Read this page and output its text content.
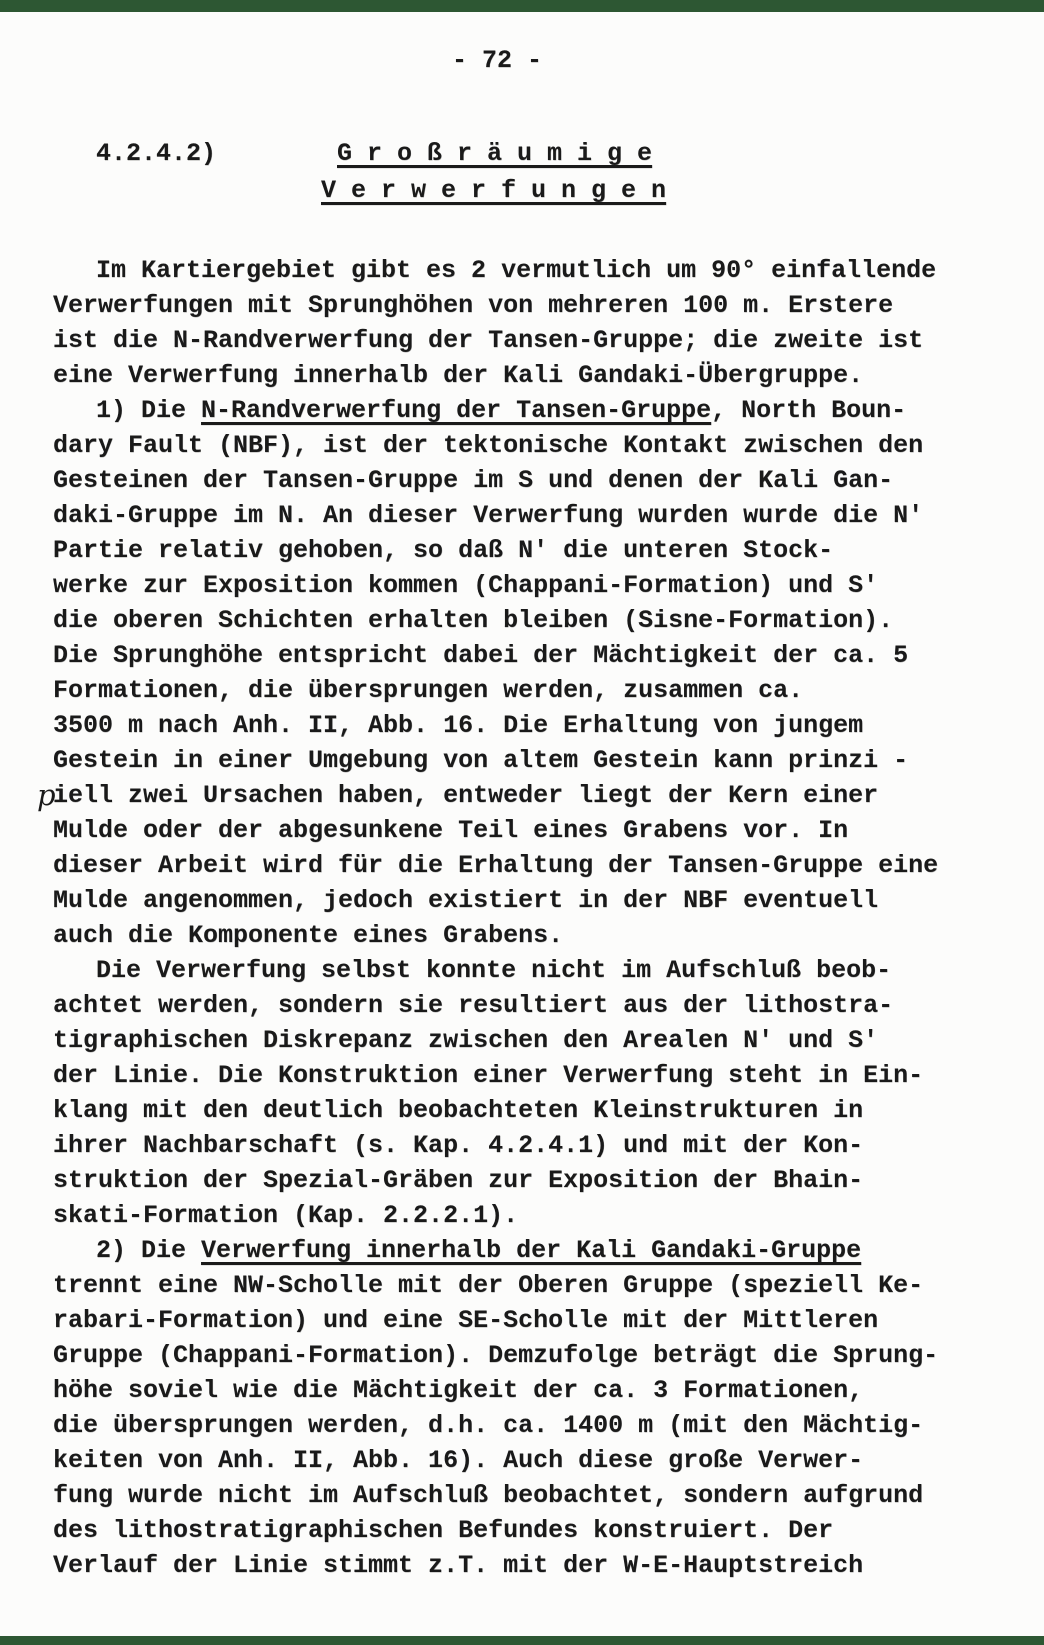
- 72 -
4.2.4.2)	G r o ß r ä u m i g e
V e r w e r f u n g e n
Im Kartiergebiet gibt es 2 vermutlich um 90° einfallende
Verwerfungen mit Sprunghöhen von mehreren 100 m. Erstere
ist die N-Randverwerfung der Tansen-Gruppe; die zweite ist
eine Verwerfung innerhalb der Kali Gandaki-Übergruppe.
1) Die N-Randverwerfung der Tansen-Gruppe, North Boun-
dary Fault (NBF), ist der tektonische Kontakt zwischen den
Gesteinen der Tansen-Gruppe im S und denen der Kali Gan-
daki-Gruppe im N. An dieser Verwerfung wurden wurde die N'
Partie relativ gehoben, so daß N' die unteren Stock-
werke zur Exposition kommen (Chappani-Formation) und S'
die oberen Schichten erhalten bleiben (Sisne-Formation).
Die Sprunghöhe entspricht dabei der Mächtigkeit der ca. 5
Formationen, die übersprungen werden, zusammen ca.
3500 m nach Anh. II, Abb. 16. Die Erhaltung von jungem
Gestein in einer Umgebung von altem Gestein kann prinzi -
p
iell zwei Ursachen haben, entweder liegt der Kern einer
Mulde oder der abgesunkene Teil eines Grabens vor. In
dieser Arbeit wird für die Erhaltung der Tansen-Gruppe eine
Mulde angenommen, jedoch existiert in der NBF eventuell
auch die Komponente eines Grabens.
Die Verwerfung selbst konnte nicht im Aufschluß beob-
achtet werden, sondern sie resultiert aus der lithostra-
tigraphischen Diskrepanz zwischen den Arealen N' und S'
der Linie. Die Konstruktion einer Verwerfung steht in Ein-
klang mit den deutlich beobachteten Kleinstrukturen in
ihrer Nachbarschaft (s. Kap. 4.2.4.1) und mit der Kon-
struktion der Spezial-Gräben zur Exposition der Bhain-
skati-Formation (Kap. 2.2.2.1).
2) Die Verwerfung innerhalb der Kali Gandaki-Gruppe
trennt eine NW-Scholle mit der Oberen Gruppe (speziell Ke-
rabari-Formation) und eine SE-Scholle mit der Mittleren
Gruppe (Chappani-Formation). Demzufolge beträgt die Sprung-
höhe soviel wie die Mächtigkeit der ca. 3 Formationen,
die übersprungen werden, d.h. ca. 1400 m (mit den Mächtig-
keiten von Anh. II, Abb. 16). Auch diese große Verwer-
fung wurde nicht im Aufschluß beobachtet, sondern aufgrund
des lithostratigraphischen Befundes konstruiert. Der
Verlauf der Linie stimmt z.T. mit der W-E-Hauptstreich
